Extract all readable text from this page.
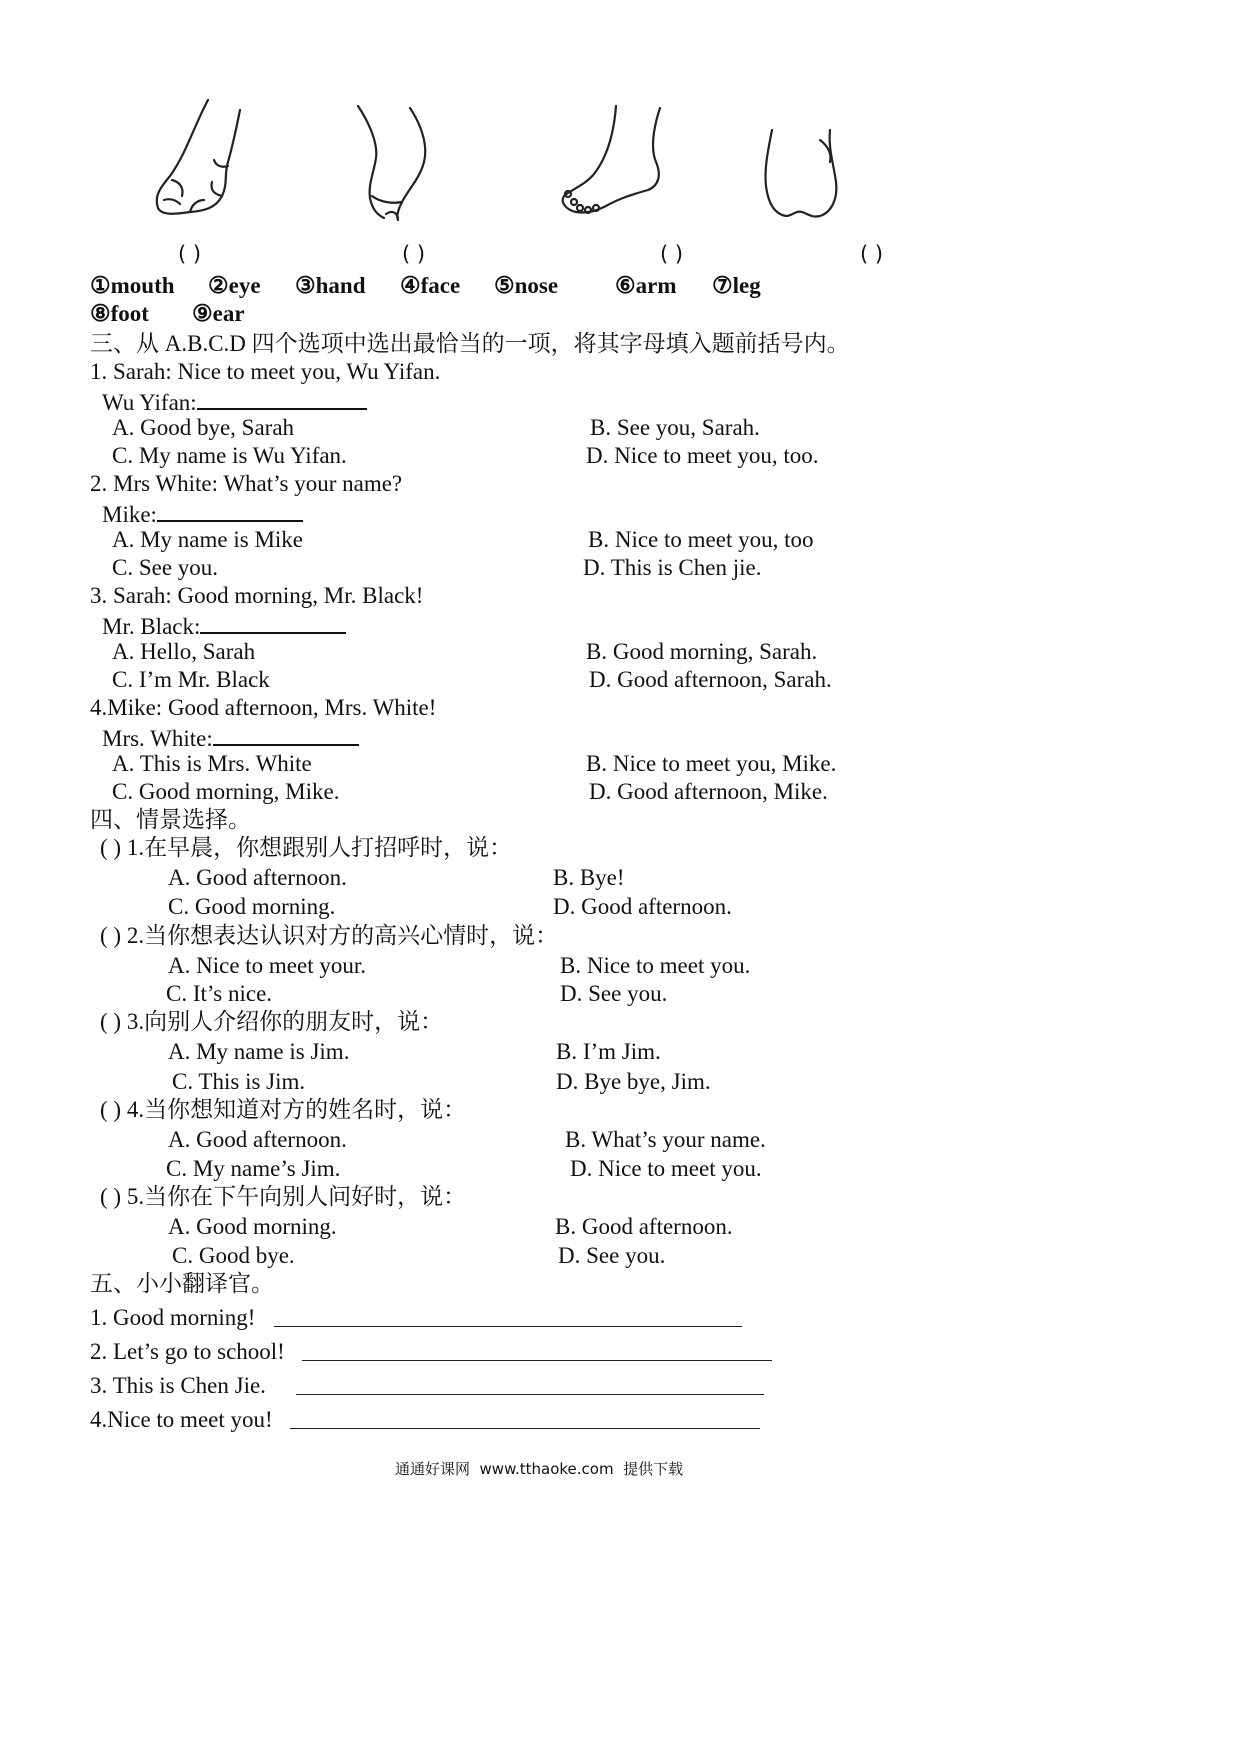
( )	( )	( )	( )
①mouth ②eye ③hand ④face ⑤nose ⑥arm ⑦leg
⑧foot ⑨ear
三、从 A.B.C.D 四个选项中选出最恰当的一项，将其字母填入题前括号内。
1. Sarah: Nice to meet you, Wu Yifan.
Wu Yifan:
A. Good bye, Sarah	B. See you, Sarah.
C. My name is Wu Yifan.	D. Nice to meet you, too.
2. Mrs White: What’s your name?
Mike:
A. My name is Mike	B. Nice to meet you, too
C. See you.	D. This is Chen jie.
3. Sarah: Good morning, Mr. Black!
Mr. Black:
A. Hello, Sarah	B. Good morning, Sarah.
C. I’m Mr. Black	D. Good afternoon, Sarah.
4.Mike: Good afternoon, Mrs. White!
Mrs. White:
A. This is Mrs. White	B. Nice to meet you, Mike.
C. Good morning, Mike.	D. Good afternoon, Mike.
四、情景选择。
( ) 1.在早晨，你想跟别人打招呼时，说：
A. Good afternoon.	B. Bye!
C. Good morning.	D. Good afternoon.
( ) 2.当你想表达认识对方的高兴心情时，说：
A. Nice to meet your.	B. Nice to meet you.
C. It’s nice.	D. See you.
( ) 3.向别人介绍你的朋友时，说：
A. My name is Jim.	B. I’m Jim.
C. This is Jim.	D. Bye bye, Jim.
( ) 4.当你想知道对方的姓名时，说：
A. Good afternoon.	B. What’s your name.
C. My name’s Jim.	D. Nice to meet you.
( ) 5.当你在下午向别人问好时，说：
A. Good morning.	B. Good afternoon.
C. Good bye.	D. See you.
五、小小翻译官。
1. Good morning!
2. Let’s go to school!
3. This is Chen Jie.
4.Nice to meet you!
通通好课网  www.tthaoke.com  提供下载
